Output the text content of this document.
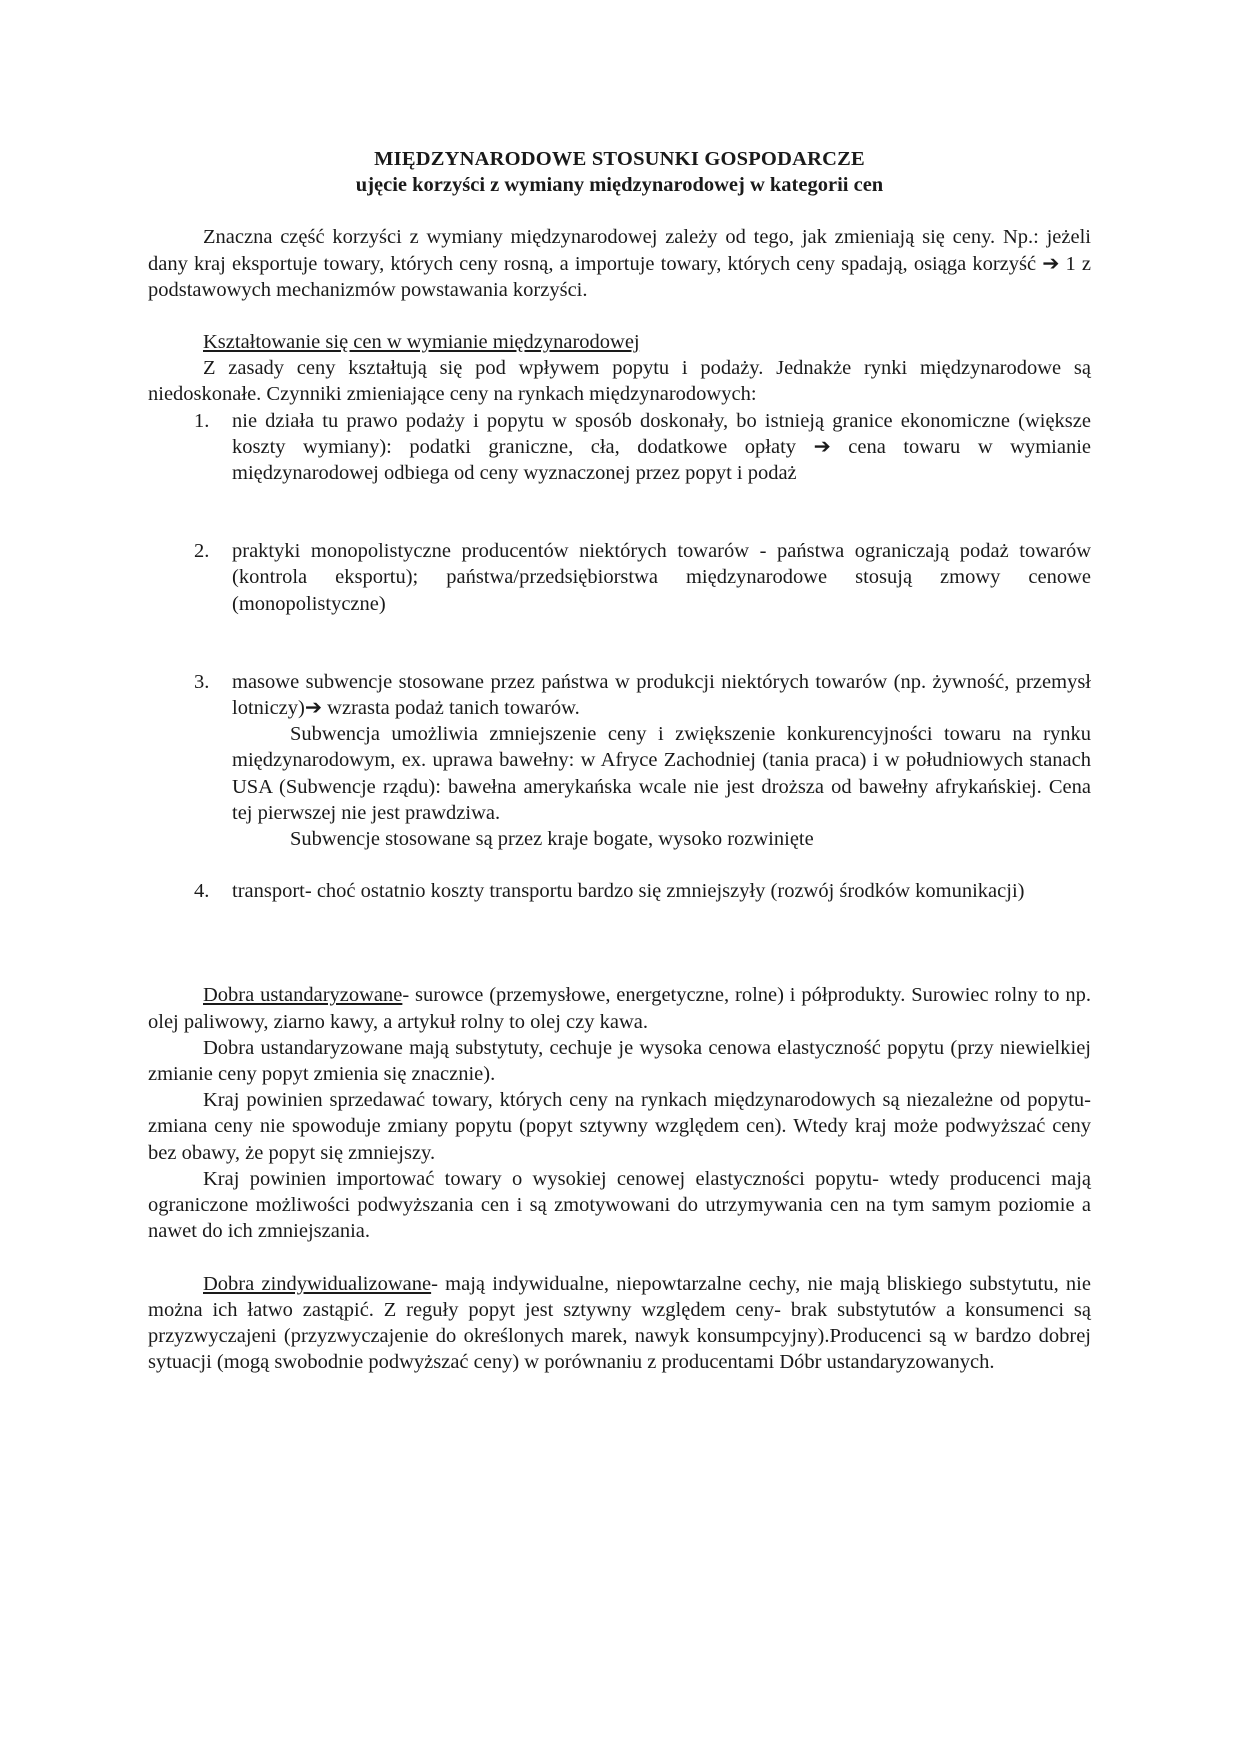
MIĘDZYNARODOWE STOSUNKI GOSPODARCZE

ujęcie korzyści z wymiany międzynarodowej w kategorii cen

Znaczna część korzyści z wymiany międzynarodowej zależy od tego, jak zmieniają się ceny. Np.: jeżeli dany kraj eksportuje towary, których ceny rosną, a importuje towary, których ceny spadają, osiąga korzyść ➔ 1 z podstawowych mechanizmów powstawania korzyści.

Kształtowanie się cen w wymianie międzynarodowej

Z zasady ceny kształtują się pod wpływem popytu i podaży. Jednakże rynki międzynarodowe są niedoskonałe. Czynniki zmieniające ceny na rynkach międzynarodowych:

1. nie działa tu prawo podaży i popytu w sposób doskonały, bo istnieją granice ekonomiczne (większe koszty wymiany): podatki graniczne, cła, dodatkowe opłaty ➔ cena towaru w wymianie międzynarodowej odbiega od ceny wyznaczonej przez popyt i podaż

2. praktyki monopolistyczne producentów niektórych towarów - państwa ograniczają podaż towarów (kontrola eksportu); państwa/przedsiębiorstwa międzynarodowe stosują zmowy cenowe (monopolistyczne)

3. masowe subwencje stosowane przez państwa w produkcji niektórych towarów (np. żywność, przemysł lotniczy)➔ wzrasta podaż tanich towarów.

Subwencja umożliwia zmniejszenie ceny i zwiększenie konkurencyjności towaru na rynku międzynarodowym, ex. uprawa bawełny: w Afryce Zachodniej (tania praca) i w południowych stanach USA (Subwencje rządu): bawełna amerykańska wcale nie jest droższa od bawełny afrykańskiej. Cena tej pierwszej nie jest prawdziwa.

Subwencje stosowane są przez kraje bogate, wysoko rozwinięte

4. transport- choć ostatnio koszty transportu bardzo się zmniejszyły (rozwój środków komunikacji)

Dobra ustandaryzowane- surowce (przemysłowe, energetyczne, rolne) i półprodukty. Surowiec rolny to np. olej paliwowy, ziarno kawy, a artykuł rolny to olej czy kawa.

Dobra ustandaryzowane mają substytuty, cechuje je wysoka cenowa elastyczność popytu (przy niewielkiej zmianie ceny popyt zmienia się znacznie).

Kraj powinien sprzedawać towary, których ceny na rynkach międzynarodowych są niezależne od popytu- zmiana ceny nie spowoduje zmiany popytu (popyt sztywny względem cen). Wtedy kraj może podwyższać ceny bez obawy, że popyt się zmniejszy.

Kraj powinien importować towary o wysokiej cenowej elastyczności popytu- wtedy producenci mają ograniczone możliwości podwyższania cen i są zmotywowani do utrzymywania cen na tym samym poziomie a nawet do ich zmniejszania.

Dobra zindywidualizowane- mają indywidualne, niepowtarzalne cechy, nie mają bliskiego substytutu, nie można ich łatwo zastąpić. Z reguły popyt jest sztywny względem ceny- brak substytutów a konsumenci są przyzwyczajeni (przyzwyczajenie do określonych marek, nawyk konsumpcyjny).Producenci są w bardzo dobrej sytuacji (mogą swobodnie podwyższać ceny) w porównaniu z producentami Dóbr ustandaryzowanych.
